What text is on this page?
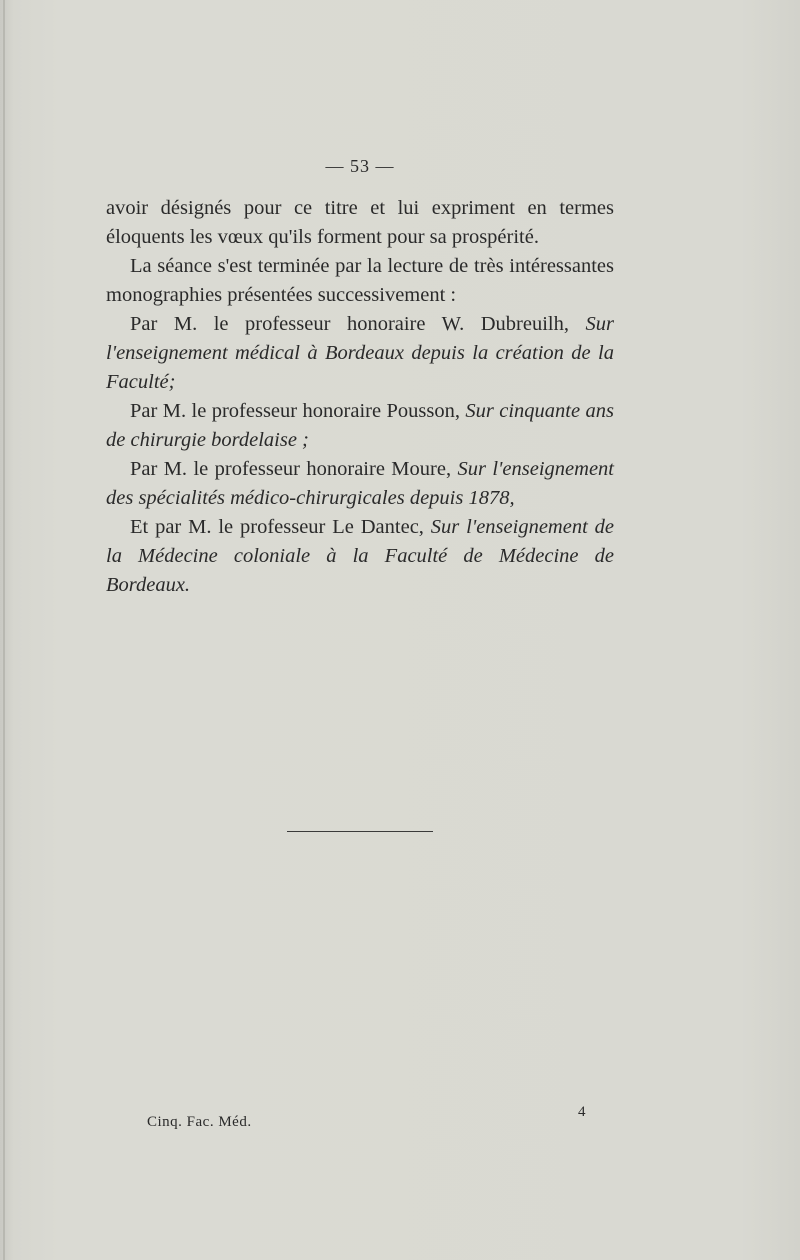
— 53 —

avoir désignés pour ce titre et lui expriment en termes éloquents les vœux qu'ils forment pour sa prospérité.

La séance s'est terminée par la lecture de très intéressantes monographies présentées successivement :

Par M. le professeur honoraire W. Dubreuilh, Sur l'enseignement médical à Bordeaux depuis la création de la Faculté;

Par M. le professeur honoraire Pousson, Sur cinquante ans de chirurgie bordelaise ;

Par M. le professeur honoraire Moure, Sur l'enseignement des spécialités médico-chirurgicales depuis 1878,

Et par M. le professeur Le Dantec, Sur l'enseignement de la Médecine coloniale à la Faculté de Médecine de Bordeaux.

Cinq. Fac. Méd.
4
